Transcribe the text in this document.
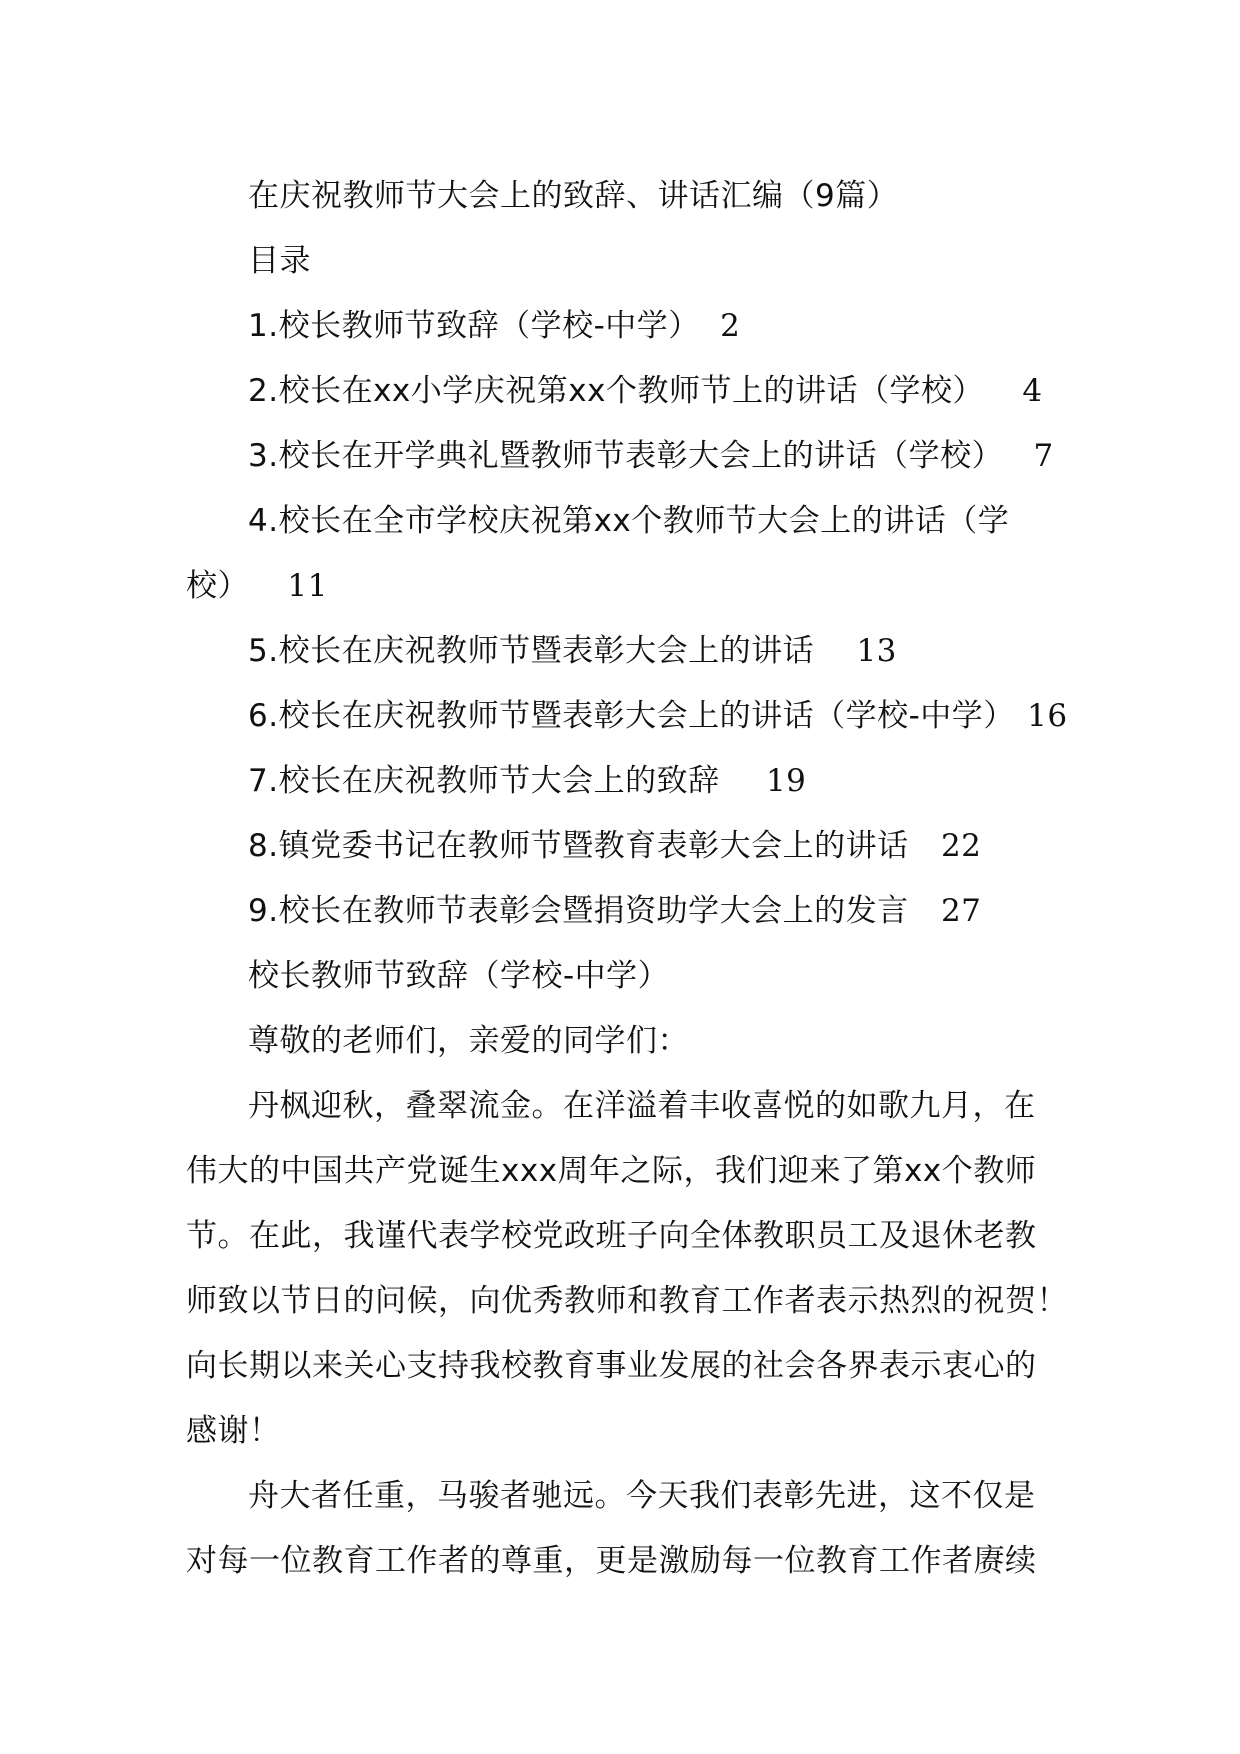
在庆祝教师节大会上的致辞、讲话汇编（9篇）
目录
1.校长教师节致辞（学校-中学） 2
2.校长在xx小学庆祝第xx个教师节上的讲话（学校） 4
3.校长在开学典礼暨教师节表彰大会上的讲话（学校） 7
4.校长在全市学校庆祝第xx个教师节大会上的讲话（学
校） 11
5.校长在庆祝教师节暨表彰大会上的讲话 13
6.校长在庆祝教师节暨表彰大会上的讲话（学校-中学） 16
7.校长在庆祝教师节大会上的致辞 19
8.镇党委书记在教师节暨教育表彰大会上的讲话 22
9.校长在教师节表彰会暨捐资助学大会上的发言 27
校长教师节致辞（学校-中学）
尊敬的老师们，亲爱的同学们：
丹枫迎秋，叠翠流金。在洋溢着丰收喜悦的如歌九月，在
伟大的中国共产党诞生xxx周年之际，我们迎来了第xx个教师
节。在此，我谨代表学校党政班子向全体教职员工及退休老教
师致以节日的问候，向优秀教师和教育工作者表示热烈的祝贺！
向长期以来关心支持我校教育事业发展的社会各界表示衷心的
感谢！
舟大者任重，马骏者驰远。今天我们表彰先进，这不仅是
对每一位教育工作者的尊重，更是激励每一位教育工作者赓续
